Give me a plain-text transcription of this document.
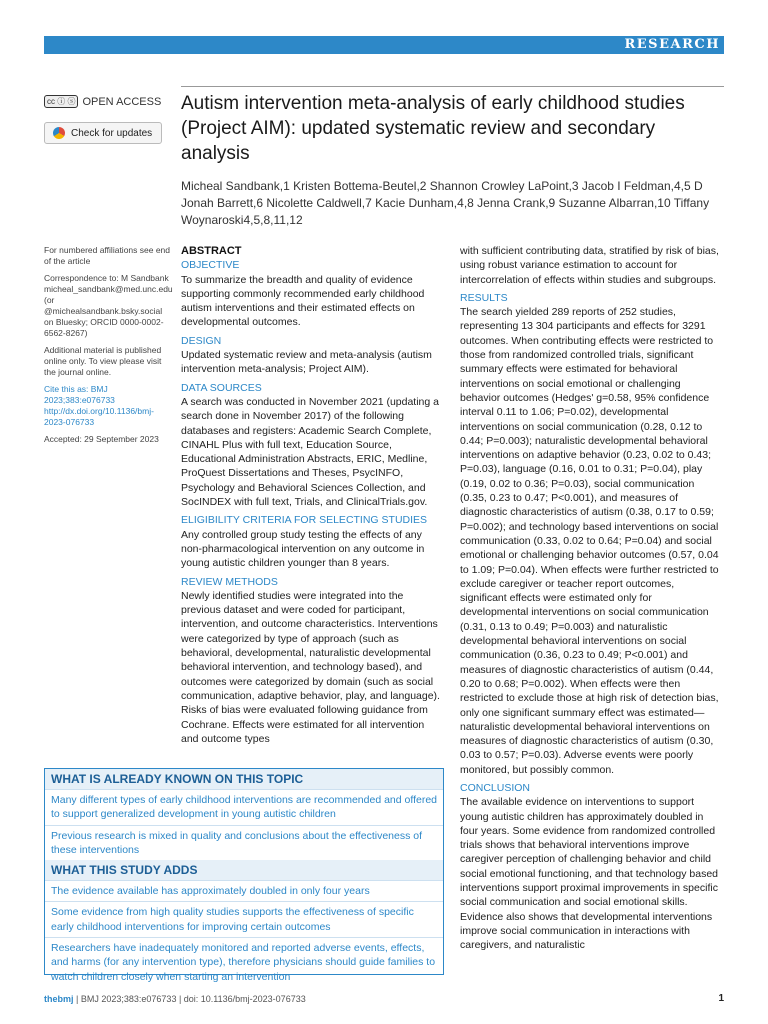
RESEARCH
cc ⓘ ⓢ OPEN ACCESS
Check for updates
Autism intervention meta-analysis of early childhood studies (Project AIM): updated systematic review and secondary analysis
Micheal Sandbank,1 Kristen Bottema-Beutel,2 Shannon Crowley LaPoint,3 Jacob I Feldman,4,5 D Jonah Barrett,6 Nicolette Caldwell,7 Kacie Dunham,4,8 Jenna Crank,9 Suzanne Albarran,10 Tiffany Woynaroski4,5,8,11,12

For numbered affiliations see end of the article

Correspondence to: M Sandbank micheal_sandbank@med.unc.edu (or @michealsandbank.bsky.social on Bluesky; ORCID 0000-0002-6562-8267)

Additional material is published online only. To view please visit the journal online.

Cite this as: BMJ 2023;383:e076733 http://dx.doi.org/10.1136/bmj-2023-076733

Accepted: 29 September 2023

ABSTRACT
OBJECTIVE

To summarize the breadth and quality of evidence supporting commonly recommended early childhood autism interventions and their estimated effects on developmental outcomes.

DESIGN

Updated systematic review and meta-analysis (autism intervention meta-analysis; Project AIM).

DATA SOURCES

A search was conducted in November 2021 (updating a search done in November 2017) of the following databases and registers: Academic Search Complete, CINAHL Plus with full text, Education Source, Educational Administration Abstracts, ERIC, Medline, ProQuest Dissertations and Theses, PsycINFO, Psychology and Behavioral Sciences Collection, and SocINDEX with full text, Trials, and ClinicalTrials.gov.

ELIGIBILITY CRITERIA FOR SELECTING STUDIES

Any controlled group study testing the effects of any non-pharmacological intervention on any outcome in young autistic children younger than 8 years.

REVIEW METHODS

Newly identified studies were integrated into the previous dataset and were coded for participant, intervention, and outcome characteristics. Interventions were categorized by type of approach (such as behavioral, developmental, naturalistic developmental behavioral intervention, and technology based), and outcomes were categorized by domain (such as social communication, adaptive behavior, play, and language). Risks of bias were evaluated following guidance from Cochrane. Effects were estimated for all intervention and outcome types

with sufficient contributing data, stratified by risk of bias, using robust variance estimation to account for intercorrelation of effects within studies and subgroups.

RESULTS

The search yielded 289 reports of 252 studies, representing 13 304 participants and effects for 3291 outcomes. When contributing effects were restricted to those from randomized controlled trials, significant summary effects were estimated for behavioral interventions on social emotional or challenging behavior outcomes (Hedges' g=0.58, 95% confidence interval 0.11 to 1.06; P=0.02), developmental interventions on social communication (0.28, 0.12 to 0.44; P=0.003); naturalistic developmental behavioral interventions on adaptive behavior (0.23, 0.02 to 0.43; P=0.03), language (0.16, 0.01 to 0.31; P=0.04), play (0.19, 0.02 to 0.36; P=0.03), social communication (0.35, 0.23 to 0.47; P<0.001), and measures of diagnostic characteristics of autism (0.38, 0.17 to 0.59; P=0.002); and technology based interventions on social communication (0.33, 0.02 to 0.64; P=0.04) and social emotional or challenging behavior outcomes (0.57, 0.04 to 1.09; P=0.04). When effects were further restricted to exclude caregiver or teacher report outcomes, significant effects were estimated only for developmental interventions on social communication (0.31, 0.13 to 0.49; P=0.003) and naturalistic developmental behavioral interventions on social communication (0.36, 0.23 to 0.49; P<0.001) and measures of diagnostic characteristics of autism (0.44, 0.20 to 0.68; P=0.002). When effects were then restricted to exclude those at high risk of detection bias, only one significant summary effect was estimated—naturalistic developmental behavioral interventions on measures of diagnostic characteristics of autism (0.30, 0.03 to 0.57; P=0.03). Adverse events were poorly monitored, but possibly common.

CONCLUSION

The available evidence on interventions to support young autistic children has approximately doubled in four years. Some evidence from randomized controlled trials shows that behavioral interventions improve caregiver perception of challenging behavior and child social emotional functioning, and that technology based interventions support proximal improvements in specific social communication and social emotional skills. Evidence also shows that developmental interventions improve social communication in interactions with caregivers, and naturalistic

WHAT IS ALREADY KNOWN ON THIS TOPIC
Many different types of early childhood interventions are recommended and offered to support generalized development in young autistic children
Previous research is mixed in quality and conclusions about the effectiveness of these interventions
WHAT THIS STUDY ADDS
The evidence available has approximately doubled in only four years
Some evidence from high quality studies supports the effectiveness of specific early childhood interventions for improving certain outcomes
Researchers have inadequately monitored and reported adverse events, effects, and harms (for any intervention type), therefore physicians should guide families to watch children closely when starting an intervention
thebmj | BMJ 2023;383:e076733 | doi: 10.1136/bmj-2023-076733	1
